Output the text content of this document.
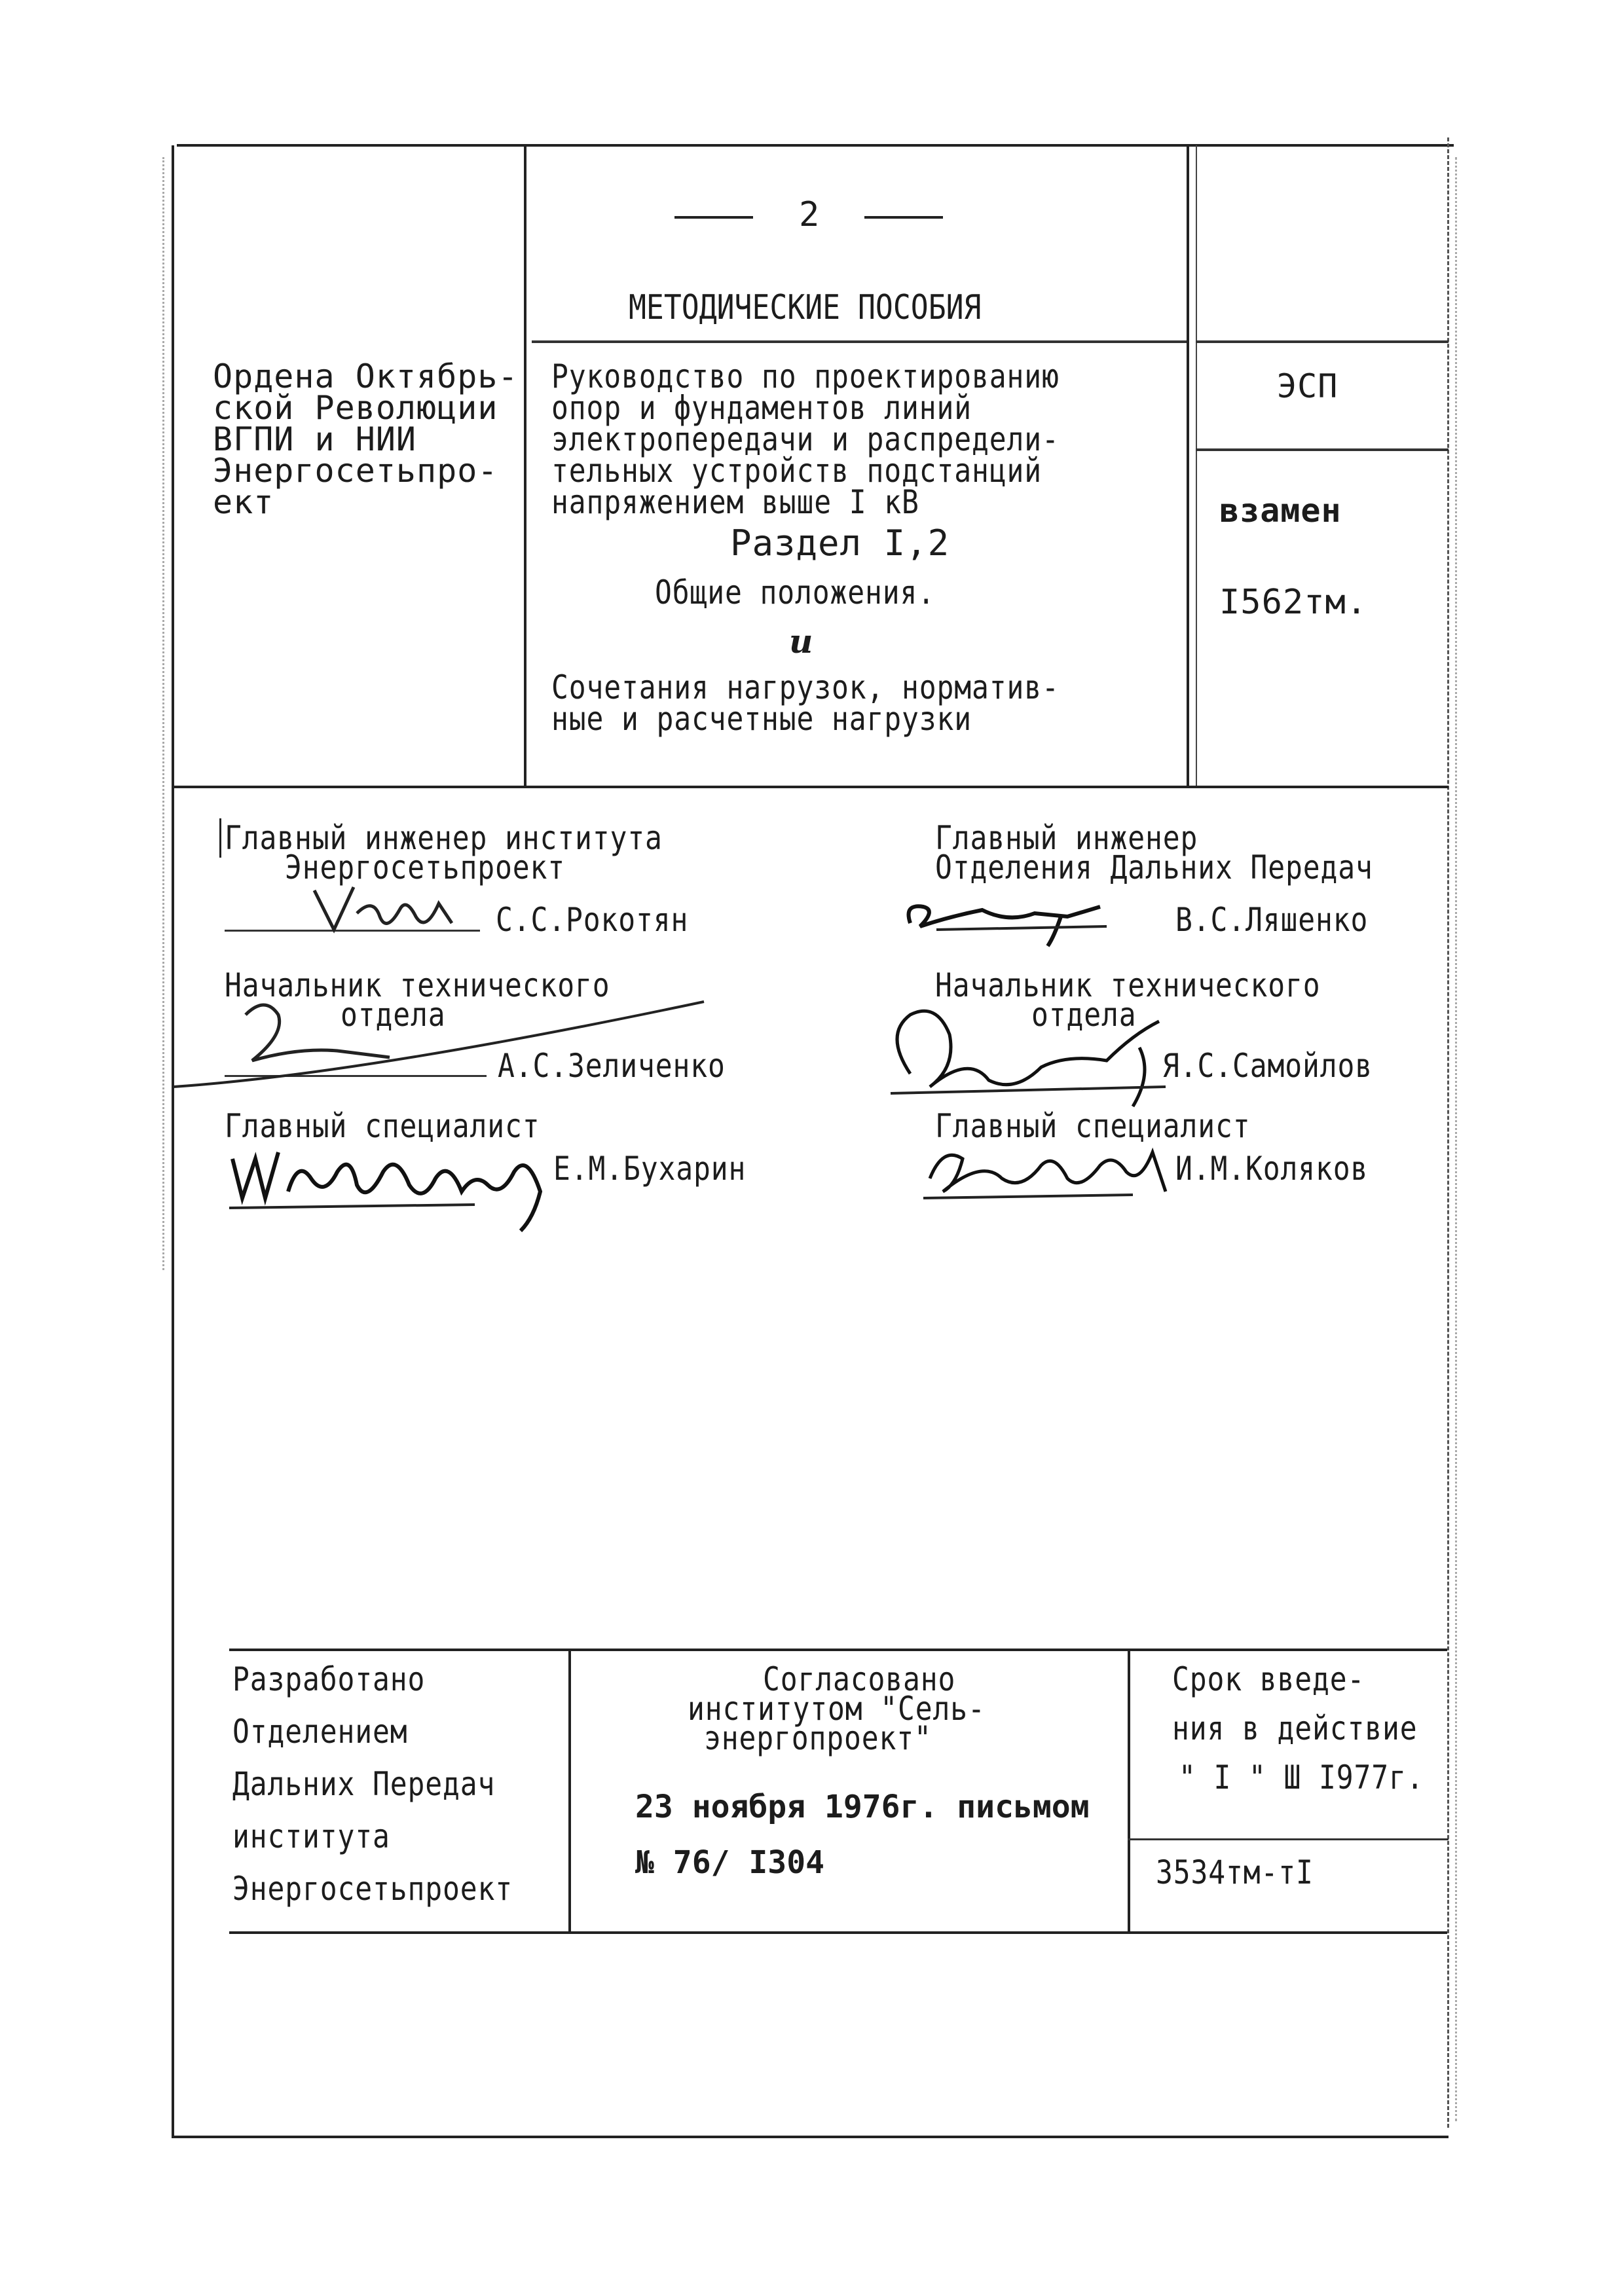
2
МЕТОДИЧЕСКИЕ ПОСОБИЯ
Ордена Октябрь-
ской Революции
ВГПИ и НИИ
Энергосетьпро-
ект
Руководство по проектированию
опор и фундаментов линий
электропередачи и распредели-
тельных устройств подстанций
напряжением выше I кВ
Раздел I,2
Общие положения.
и
Сочетания нагрузок, норматив-
ные и расчетные нагрузки
ЭСП
взамен
I562тм.
Главный инженер института
Энергосетьпроект
С.С.Рокотян
Начальник технического
отдела
А.С.Зеличенко
Главный специалист
Е.М.Бухарин
Главный инженер
Отделения Дальних Передач
В.С.Ляшенко
Начальник технического
отдела
Я.С.Самойлов
Главный специалист
И.М.Коляков
Разработано
Отделением
Дальних Передач
института
Энергосетьпроект
Согласовано
институтом "Сель-
энергопроект"
23 ноября 1976г. письмом
№ 76/ I304
Срок введе-
ния в действие
" I " Ш I977г.
3534тм-тI
